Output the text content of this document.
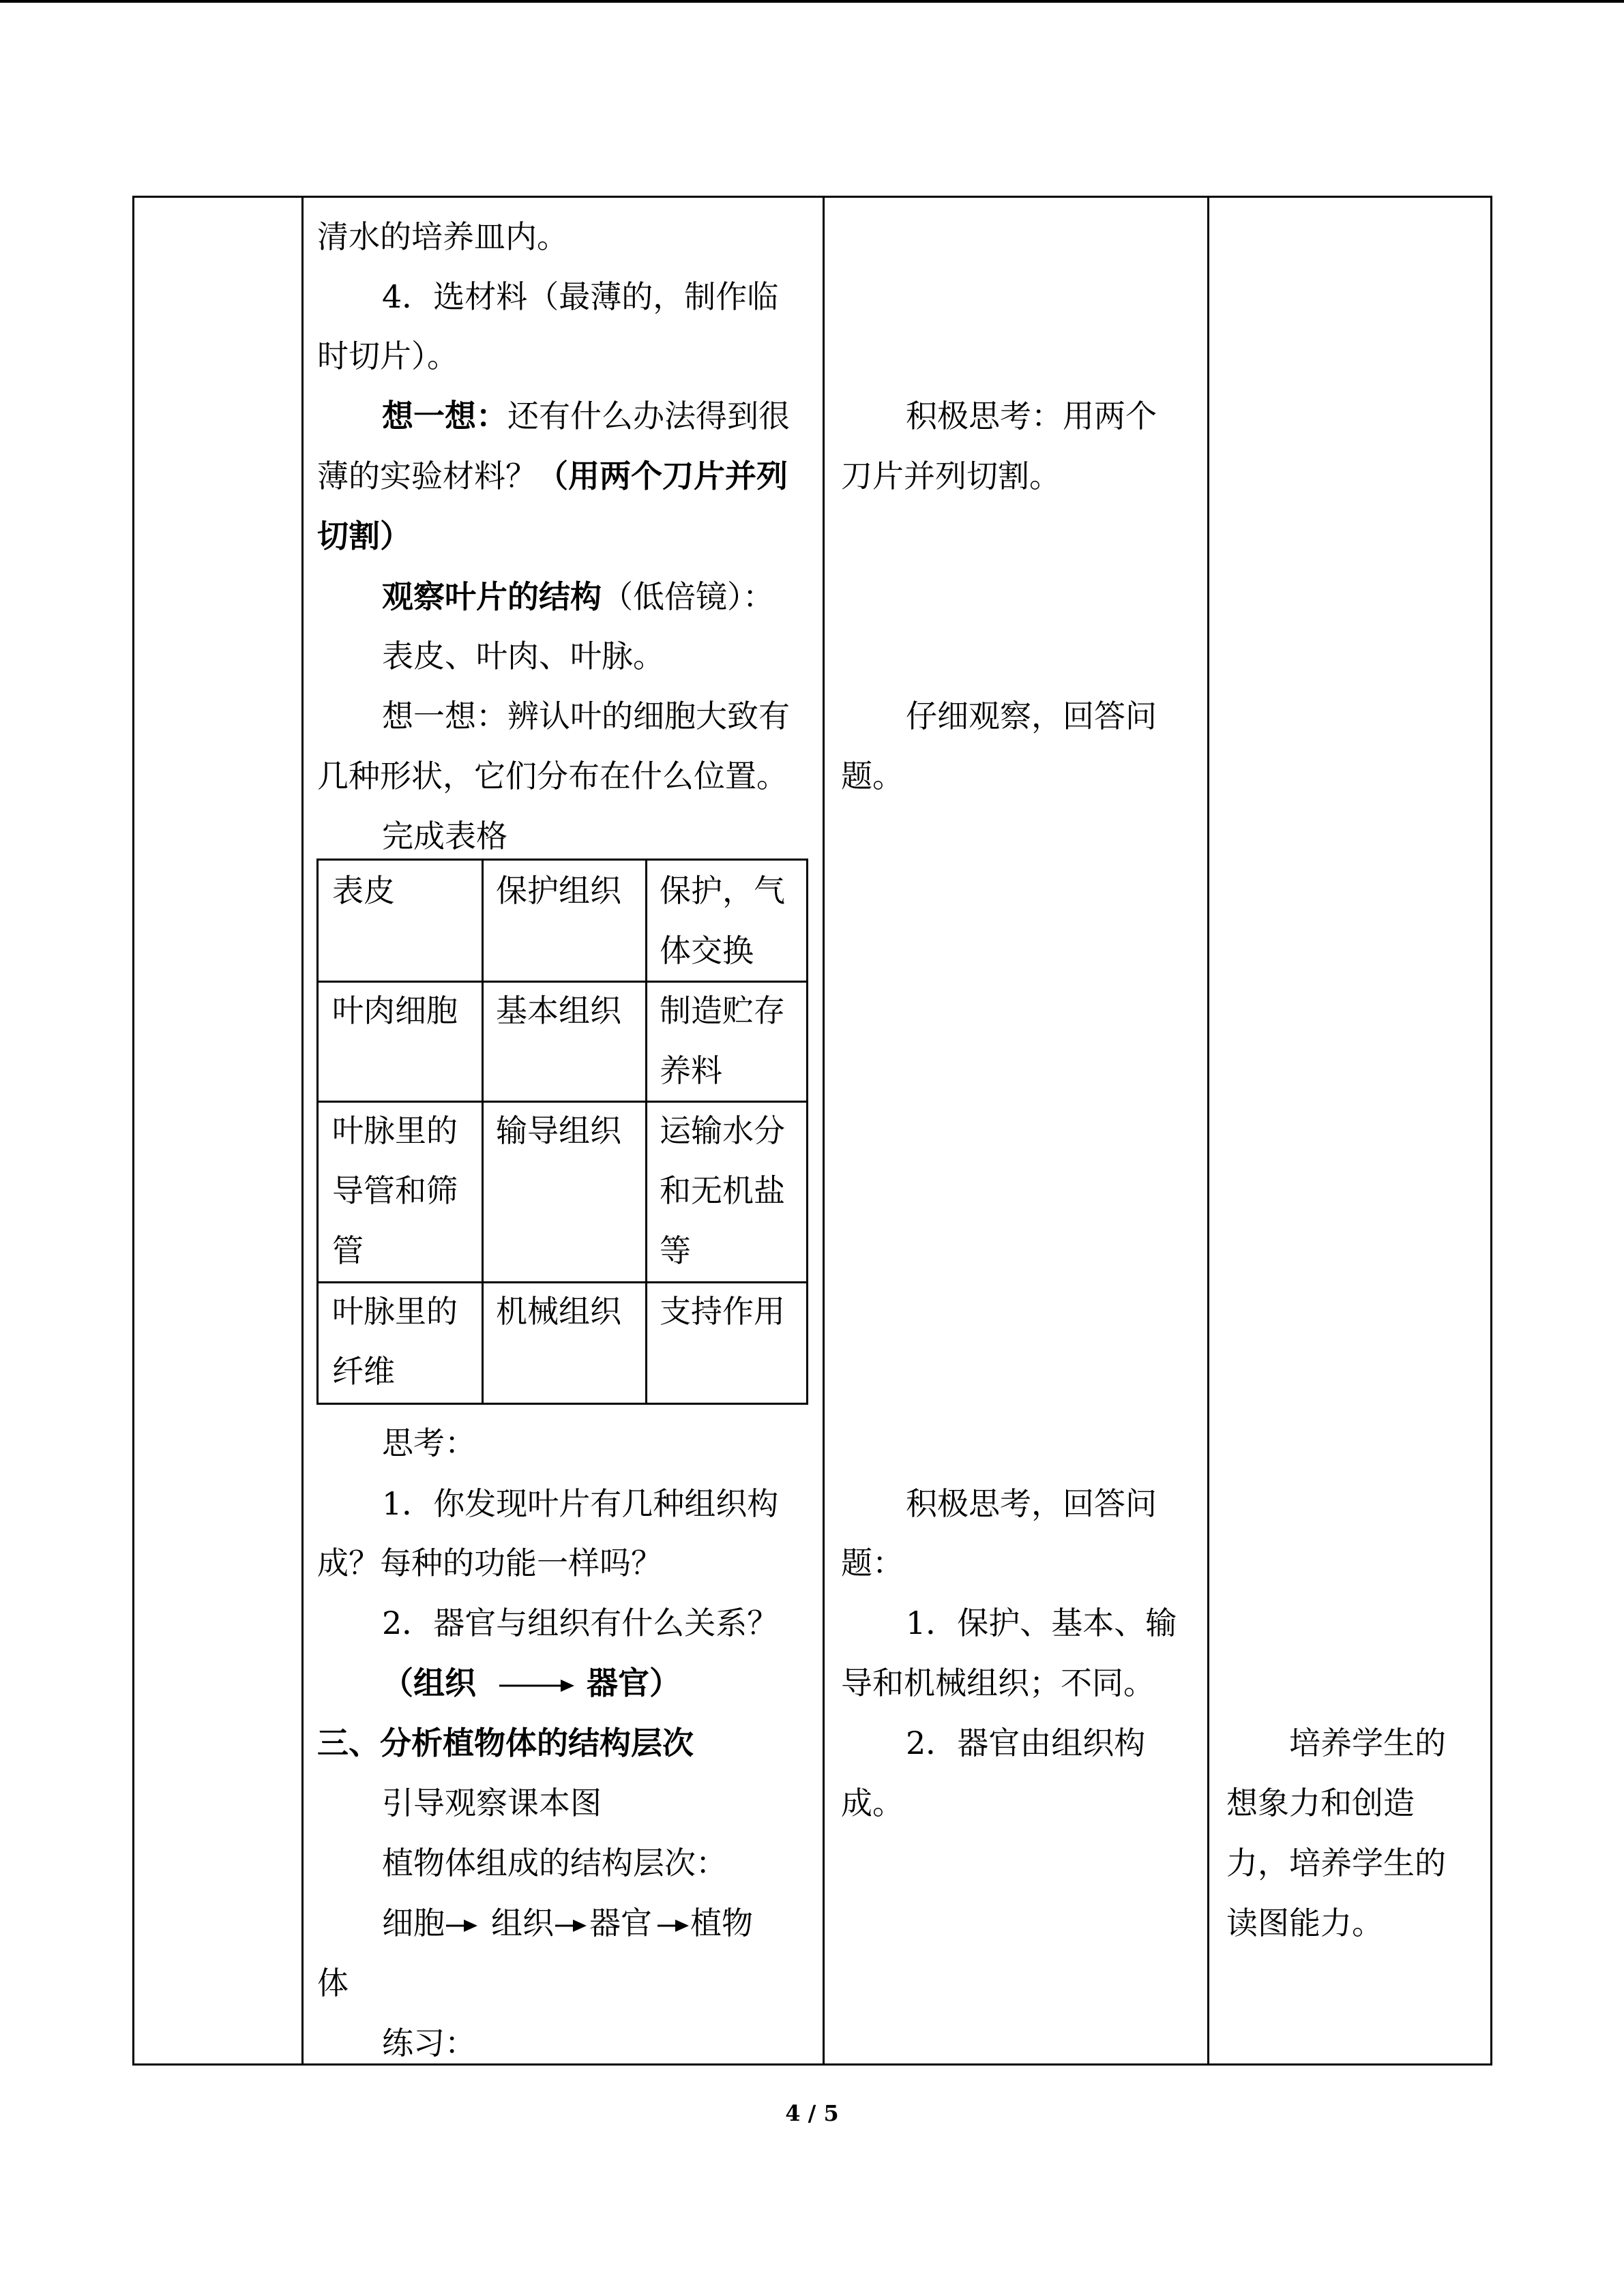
清水的培养皿内。
4．选材料（最薄的，制作临
时切片）。
想一想：还有什么办法得到很
薄的实验材料？（用两个刀片并列
切割）
观察叶片的结构（低倍镜）：
表皮、叶肉、叶脉。
想一想：辨认叶的细胞大致有
几种形状，它们分布在什么位置。
完成表格
思考：
1．你发现叶片有几种组织构
成？每种的功能一样吗？
2．器官与组织有什么关系？
（组织	器官）
三、分析植物体的结构层次
引导观察课本图
植物体组成的结构层次：
细胞 组织 器官 植物
体
练习：
表皮	保护组织 保护，气
体交换
叶肉细胞 基本组织 制造贮存
养料
叶脉里的
导管和筛
管
输导组织 运输水分
和无机盐
等
叶脉里的
纤维
机械组织 支持作用
积极思考：用两个
刀片并列切割。
仔细观察，回答问
题。
积极思考，回答问
题：
1．保护、基本、输
导和机械组织；不同。
2．器官由组织构
成。
培养学生的
想象力和创造
力，培养学生的
读图能力。
4 / 5
